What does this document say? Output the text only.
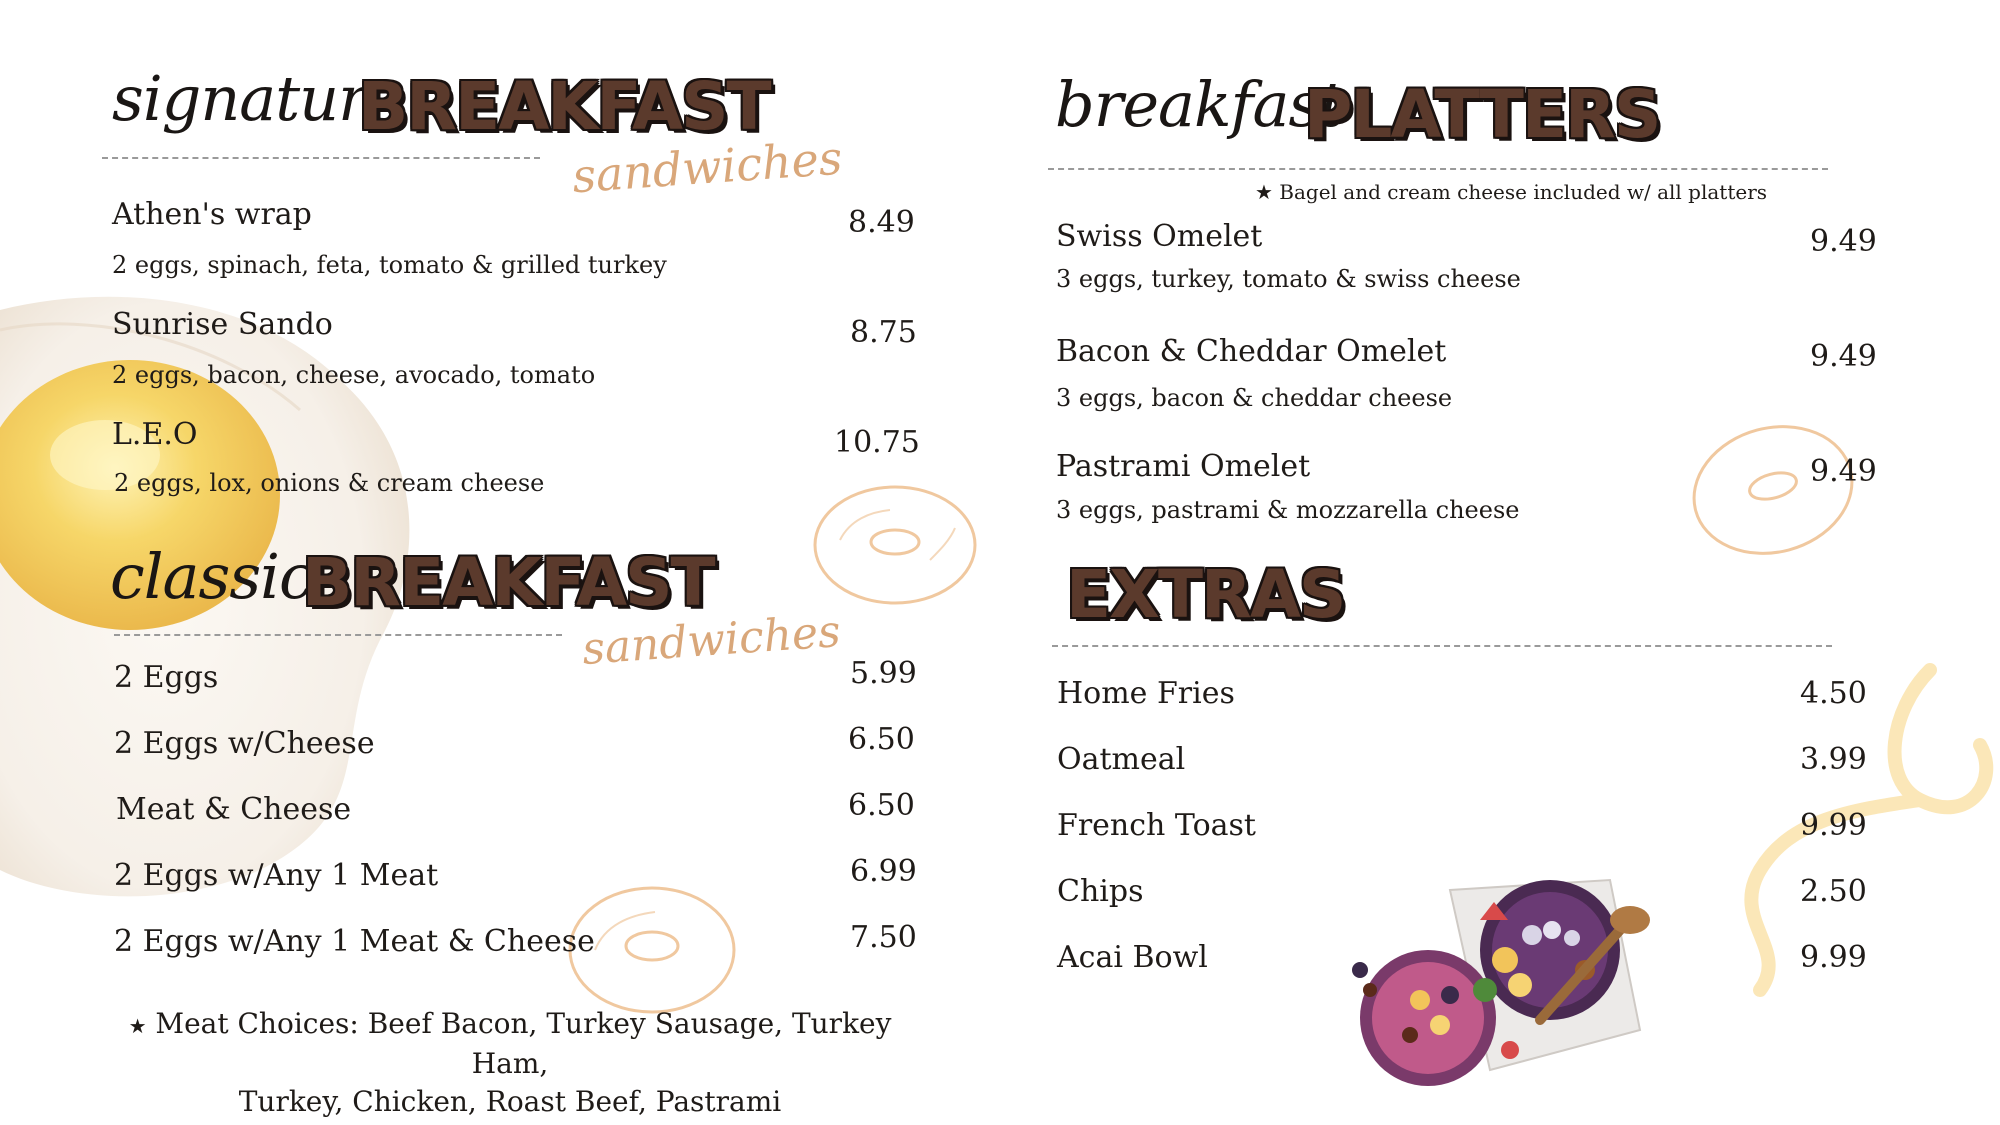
signature
BREAKFAST
sandwiches
Athen's wrap	8.49
2 eggs, spinach, feta, tomato & grilled turkey
Sunrise Sando	8.75
2 eggs, bacon, cheese, avocado, tomato
L.E.O	10.75
2 eggs, lox, onions & cream cheese
classic
BREAKFAST
sandwiches
2 Eggs	5.99
2 Eggs w/Cheese	6.50
Meat & Cheese	6.50
2 Eggs w/Any 1 Meat	6.99
2 Eggs w/Any 1 Meat & Cheese	7.50
★ Meat Choices: Beef Bacon, Turkey Sausage, Turkey Ham,
Turkey, Chicken, Roast Beef, Pastrami
breakfast
PLATTERS
★ Bagel and cream cheese included w/ all platters
Swiss Omelet	9.49
3 eggs, turkey, tomato & swiss cheese
Bacon & Cheddar Omelet	9.49
3 eggs, bacon & cheddar cheese
Pastrami Omelet	9.49
3 eggs, pastrami & mozzarella cheese
EXTRAS
Home Fries	4.50
Oatmeal	3.99
French Toast	9.99
Chips	2.50
Acai Bowl	9.99
